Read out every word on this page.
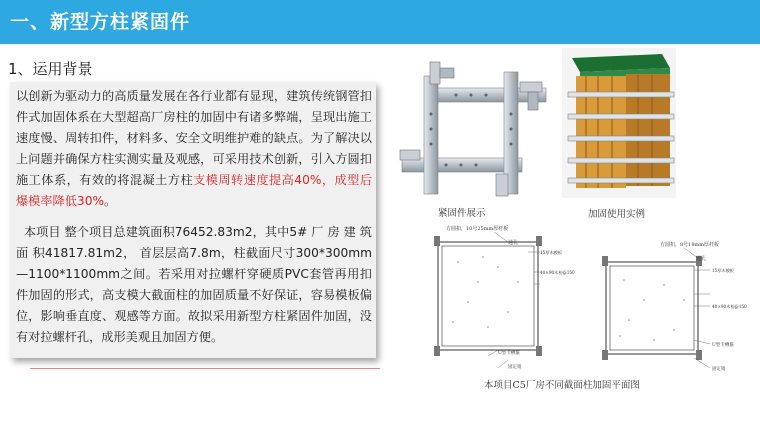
一、新型方柱紧固件
1、运用背景
以创新为驱动力的高质量发展在各行业都有显现，建筑传统钢管扣件式加固体系在大型超高厂房柱的加固中有诸多弊端，呈现出施工速度慢、周转扣件，材料多、安全文明维护难的缺点。为了解决以上问题并确保方柱实测实量及观感，可采用技术创新，引入方圆扣施工体系，有效的将混凝土方柱支模周转速度提高40%，成型后爆模率降低30%。
本项目 整个项目总建筑面积76452.83m2，其中5# 厂 房 建 筑 面 积41817.81m2， 首层层高7.8m，柱截面尺寸300*300mm—1100*1100mm之间。若采用对拉螺杆穿硬质PVC套管再用扣件加固的形式，高支模大截面柱的加固质量不好保证，容易模板偏位，影响垂直度、观感等方面。故拟采用新型方柱紧固件加固，没有对拉螺杆孔，成形美观且加固方便。
紧固件展示	加固使用实例
方圆扣，10号25mm厚杆板
通孔
15厚木模板
40×90木枋@150
U型卡槽箍
固定销
方圆扣，8号18mm厚杆板
通孔
15厚木模板
40×90木枋@150
U型卡槽箍
固定销
本项目C5厂房不同截面柱加固平面图
